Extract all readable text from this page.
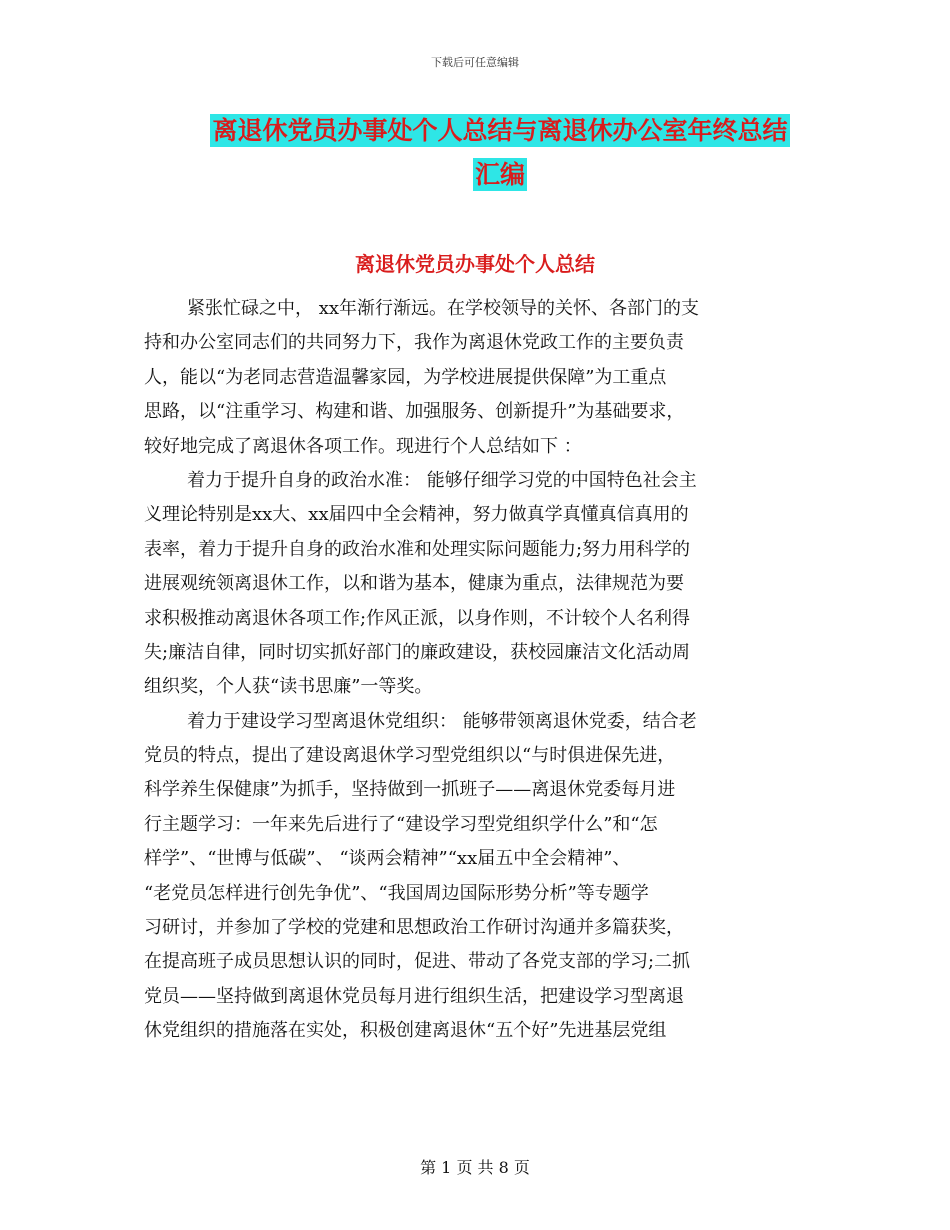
下载后可任意编辑
离退休党员办事处个人总结与离退休办公室年终总结
汇编
离退休党员办事处个人总结
紧张忙碌之中， xx年渐行渐远。在学校领导的关怀、各部门的支
持和办公室同志们的共同努力下，我作为离退休党政工作的主要负责
人，能以“为老同志营造温馨家园，为学校进展提供保障”为工重点
思路，以“注重学习、构建和谐、加强服务、创新提升”为基础要求，
较好地完成了离退休各项工作。现进行个人总结如下 ：
着力于提升自身的政治水准： 能够仔细学习党的中国特色社会主
义理论特别是xx大、xx届四中全会精神，努力做真学真懂真信真用的
表率，着力于提升自身的政治水准和处理实际问题能力;努力用科学的
进展观统领离退休工作，以和谐为基本，健康为重点，法律规范为要
求积极推动离退休各项工作;作风正派，以身作则，不计较个人名利得
失;廉洁自律，同时切实抓好部门的廉政建设，获校园廉洁文化活动周
组织奖，个人获“读书思廉”一等奖。
着力于建设学习型离退休党组织： 能够带领离退休党委，结合老
党员的特点，提出了建设离退休学习型党组织以“与时俱进保先进，
科学养生保健康”为抓手，坚持做到一抓班子——离退休党委每月进
行主题学习：一年来先后进行了“建设学习型党组织学什么”和“怎
样学”、“世博与低碳”、 “谈两会精神”“xx届五中全会精神”、
“老党员怎样进行创先争优”、“我国周边国际形势分析”等专题学
习研讨，并参加了学校的党建和思想政治工作研讨沟通并多篇获奖，
在提高班子成员思想认识的同时，促进、带动了各党支部的学习;二抓
党员——坚持做到离退休党员每月进行组织生活，把建设学习型离退
休党组织的措施落在实处，积极创建离退休“五个好”先进基层党组
第 1 页 共 8 页
